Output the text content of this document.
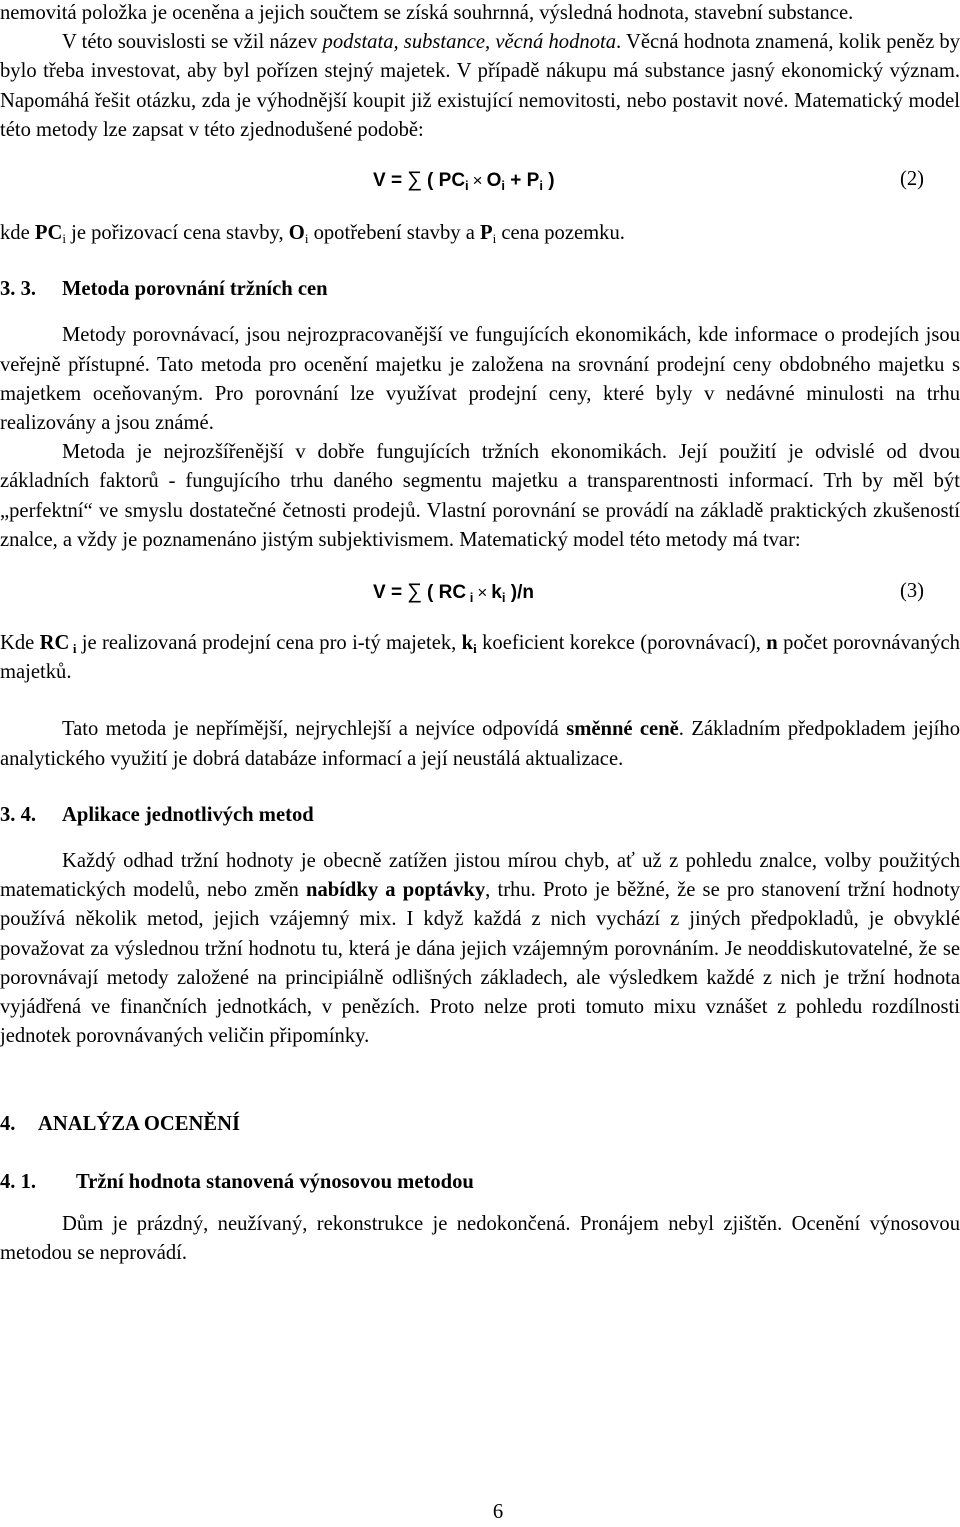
nemovitá položka je oceněna a jejich součtem se získá souhrnná, výsledná hodnota, stavební substance.

V této souvislosti se vžil název podstata, substance, věcná hodnota. Věcná hodnota znamená, kolik peněz by bylo třeba investovat, aby byl pořízen stejný majetek. V případě nákupu má substance jasný ekonomický význam. Napomáhá řešit otázku, zda je výhodnější koupit již existující nemovitosti, nebo postavit nové. Matematický model této metody lze zapsat v této zjednodušené podobě:

V = ∑ ( $PC_i \times O_i + P_i$ )	(2)

kde $PC_i$ je pořizovací cena stavby, $O_i$ opotřebení stavby a $P_i$ cena pozemku.

3. 3. Metoda porovnání tržních cen

Metody porovnávací, jsou nejrozpracovanější ve fungujících ekonomikách, kde informace o prodejích jsou veřejně přístupné. Tato metoda pro ocenění majetku je založena na srovnání prodejní ceny obdobného majetku s majetkem oceňovaným. Pro porovnání lze využívat prodejní ceny, které byly v nedávné minulosti na trhu realizovány a jsou známé.

Metoda je nejrozšířenější v dobře fungujících tržních ekonomikách. Její použití je odvislé od dvou základních faktorů - fungujícího trhu daného segmentu majetku a transparentnosti informací. Trh by měl být „perfektní“ ve smyslu dostatečné četnosti prodejů. Vlastní porovnání se provádí na základě praktických zkušeností znalce, a vždy je poznamenáno jistým subjektivismem. Matematický model této metody má tvar:

V = ∑ ( RC $_i \times k_i$ )/n	(3)

Kde RC $_i$ je realizovaná prodejní cena pro i-tý majetek, $k_i$ koeficient korekce (porovnávací), n počet porovnávaných majetků.

Tato metoda je nepřímější, nejrychlejší a nejvíce odpovídá směnné ceně. Základním předpokladem jejího analytického využití je dobrá databáze informací a její neustálá aktualizace.

3. 4. Aplikace jednotlivých metod

Každý odhad tržní hodnoty je obecně zatížen jistou mírou chyb, ať už z pohledu znalce, volby použitých matematických modelů, nebo změn nabídky a poptávky, trhu. Proto je běžné, že se pro stanovení tržní hodnoty používá několik metod, jejich vzájemný mix. I když každá z nich vychází z jiných předpokladů, je obvyklé považovat za výslednou tržní hodnotu tu, která je dána jejich vzájemným porovnáním. Je neoddiskutovatelné, že se porovnávají metody založené na principiálně odlišných základech, ale výsledkem každé z nich je tržní hodnota vyjádřená ve finančních jednotkách, v penězích. Proto nelze proti tomuto mixu vznášet z pohledu rozdílnosti jednotek porovnávaných veličin připomínky.

4. ANALÝZA OCENĚNÍ

4. 1. Tržní hodnota stanovená výnosovou metodou

Dům je prázdný, neužívaný, rekonstrukce je nedokončená. Pronájem nebyl zjištěn. Ocenění výnosovou metodou se neprovádí.

6
